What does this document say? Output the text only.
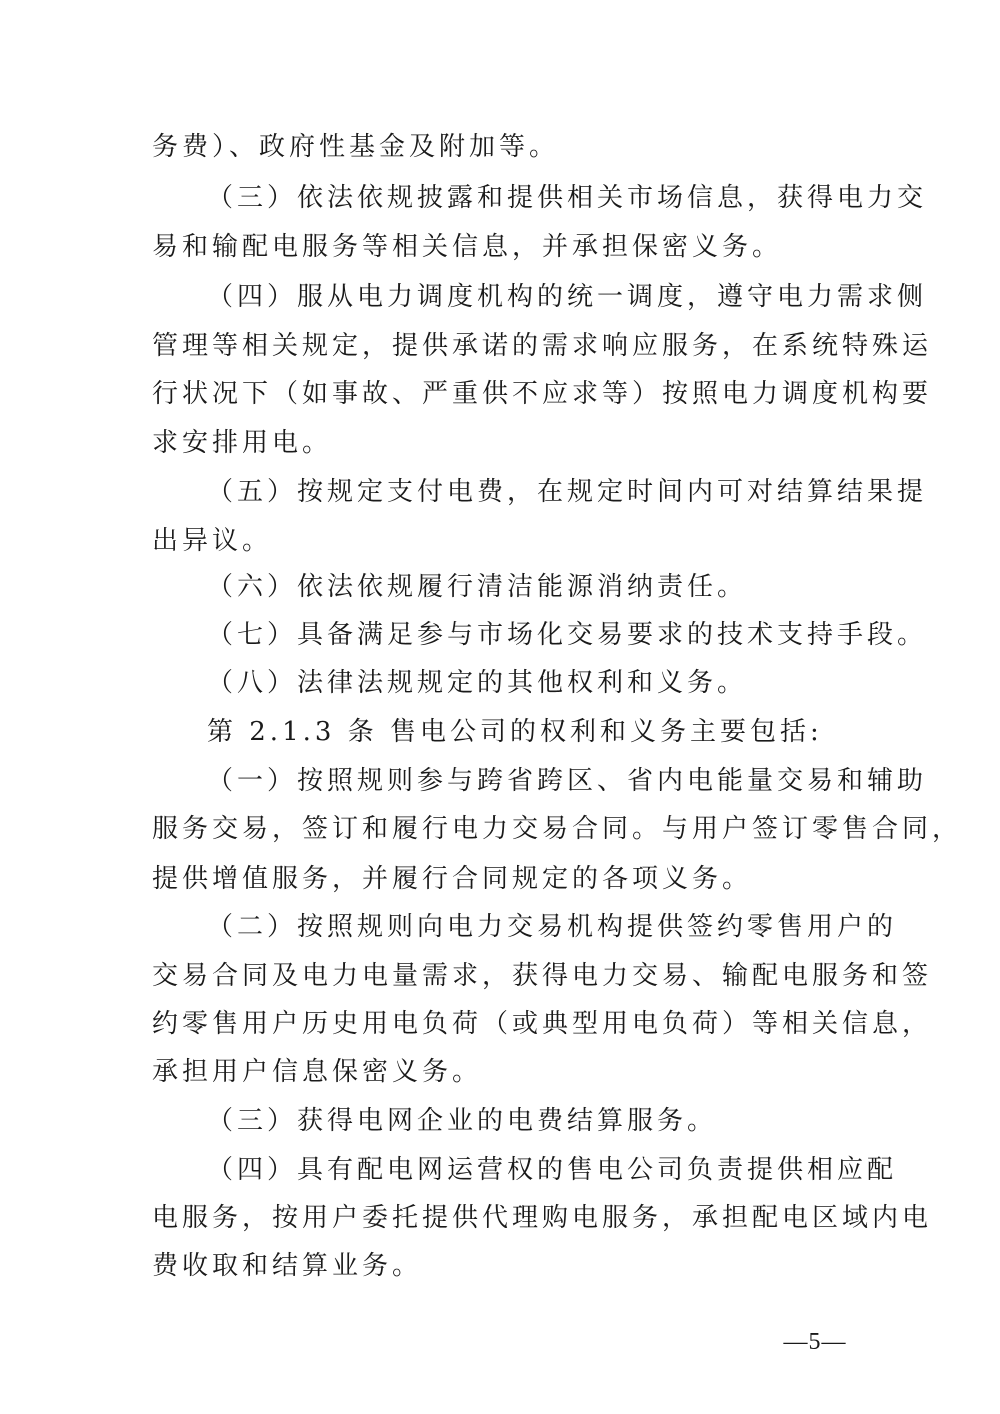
务费）、政府性基金及附加等。
（三）依法依规披露和提供相关市场信息，获得电力交
易和输配电服务等相关信息，并承担保密义务。
（四）服从电力调度机构的统一调度，遵守电力需求侧
管理等相关规定，提供承诺的需求响应服务，在系统特殊运
行状况下（如事故、严重供不应求等）按照电力调度机构要
求安排用电。
（五）按规定支付电费，在规定时间内可对结算结果提
出异议。
（六）依法依规履行清洁能源消纳责任。
（七）具备满足参与市场化交易要求的技术支持手段。
（八）法律法规规定的其他权利和义务。
第 2.1.3 条 售电公司的权利和义务主要包括:
（一）按照规则参与跨省跨区、省内电能量交易和辅助
服务交易，签订和履行电力交易合同。与用户签订零售合同，
提供增值服务，并履行合同规定的各项义务。
（二）按照规则向电力交易机构提供签约零售用户的
交易合同及电力电量需求，获得电力交易、输配电服务和签
约零售用户历史用电负荷（或典型用电负荷）等相关信息，
承担用户信息保密义务。
（三）获得电网企业的电费结算服务。
（四）具有配电网运营权的售电公司负责提供相应配
电服务，按用户委托提供代理购电服务，承担配电区域内电
费收取和结算业务。
—5—
